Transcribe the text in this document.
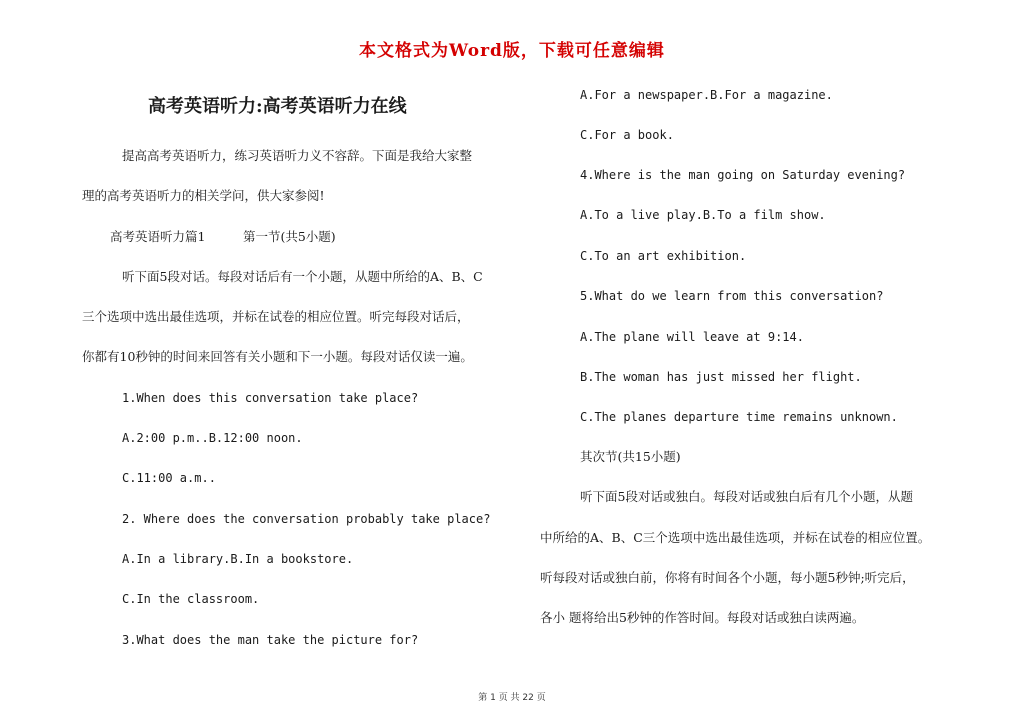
本文格式为Word版，下载可任意编辑
高考英语听力:高考英语听力在线
提高高考英语听力，练习英语听力义不容辞。下面是我给大家整
理的高考英语听力的相关学问，供大家参阅!
高考英语听力篇1　　　第一节(共5小题)
听下面5段对话。每段对话后有一个小题，从题中所给的A、B、C
三个选项中选出最佳选项，并标在试卷的相应位置。听完每段对话后，
你都有10秒钟的时间来回答有关小题和下一小题。每段对话仅读一遍。
1.When does this conversation take place?
A.2:00 p.m..B.12:00 noon.
C.11:00 a.m..
2. Where does the conversation probably take place?
A.In a library.B.In a bookstore.
C.In the classroom.
3.What does the man take the picture for?
A.For a newspaper.B.For a magazine.
C.For a book.
4.Where is the man going on Saturday evening?
A.To a live play.B.To a film show.
C.To an art exhibition.
5.What do we learn from this conversation?
A.The plane will leave at 9:14.
B.The woman has just missed her flight.
C.The planes departure time remains unknown.
其次节(共15小题)
听下面5段对话或独白。每段对话或独白后有几个小题，从题
中所给的A、B、C三个选项中选出最佳选项，并标在试卷的相应位置。
听每段对话或独白前，你将有时间各个小题，每小题5秒钟;听完后，
各小 题将给出5秒钟的作答时间。每段对话或独白读两遍。
第 1 页 共 22 页
